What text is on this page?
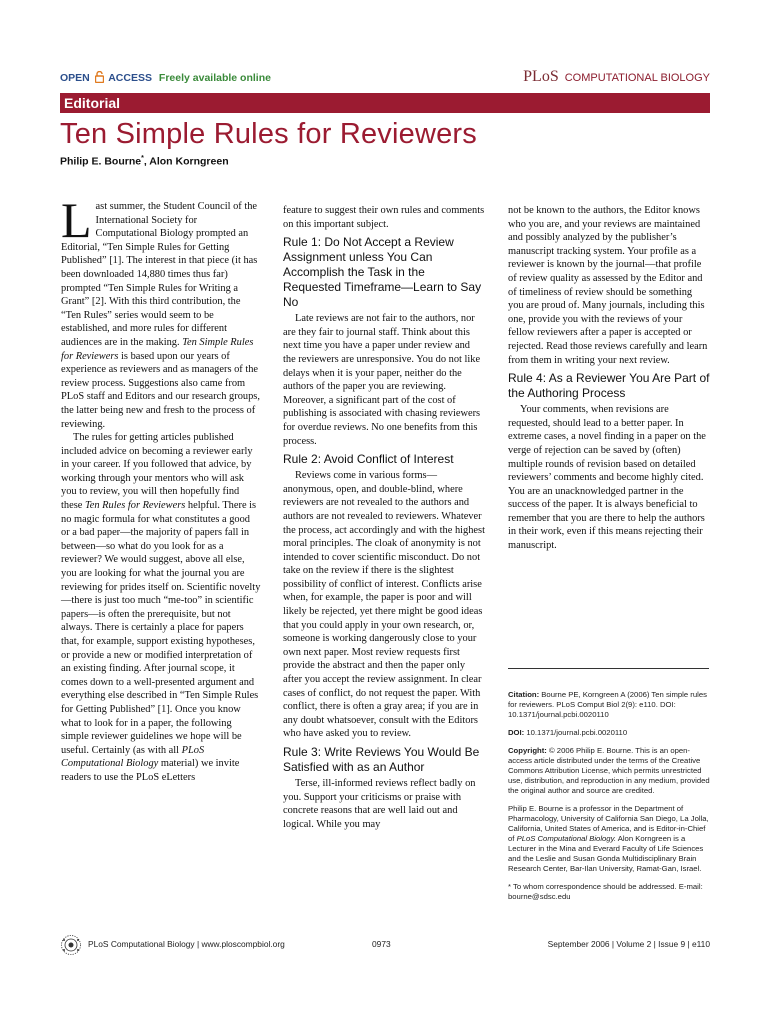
OPEN ACCESS Freely available online	PLoS COMPUTATIONAL BIOLOGY
Editorial
Ten Simple Rules for Reviewers
Philip E. Bourne*, Alon Korngreen

Last summer, the Student Council of the International Society for Computational Biology prompted an Editorial, “Ten Simple Rules for Getting Published” [1]. The interest in that piece (it has been downloaded 14,880 times thus far) prompted “Ten Simple Rules for Writing a Grant” [2]. With this third contribution, the “Ten Rules” series would seem to be established, and more rules for different audiences are in the making. Ten Simple Rules for Reviewers is based upon our years of experience as reviewers and as managers of the review process. Suggestions also came from PLoS staff and Editors and our research groups, the latter being new and fresh to the process of reviewing.

The rules for getting articles published included advice on becoming a reviewer early in your career. If you followed that advice, by working through your mentors who will ask you to review, you will then hopefully find these Ten Rules for Reviewers helpful. There is no magic formula for what constitutes a good or a bad paper—the majority of papers fall in between—so what do you look for as a reviewer? We would suggest, above all else, you are looking for what the journal you are reviewing for prides itself on. Scientific novelty—there is just too much “me-too” in scientific papers—is often the prerequisite, but not always. There is certainly a place for papers that, for example, support existing hypotheses, or provide a new or modified interpretation of an existing finding. After journal scope, it comes down to a well-presented argument and everything else described in “Ten Simple Rules for Getting Published” [1]. Once you know what to look for in a paper, the following simple reviewer guidelines we hope will be useful. Certainly (as with all PLoS Computational Biology material) we invite readers to use the PLoS eLetters

feature to suggest their own rules and comments on this important subject.

Rule 1: Do Not Accept a Review Assignment unless You Can Accomplish the Task in the Requested Timeframe—Learn to Say No

Late reviews are not fair to the authors, nor are they fair to journal staff. Think about this next time you have a paper under review and the reviewers are unresponsive. You do not like delays when it is your paper, neither do the authors of the paper you are reviewing. Moreover, a significant part of the cost of publishing is associated with chasing reviewers for overdue reviews. No one benefits from this process.

Rule 2: Avoid Conflict of Interest

Reviews come in various forms—anonymous, open, and double-blind, where reviewers are not revealed to the authors and authors are not revealed to reviewers. Whatever the process, act accordingly and with the highest moral principles. The cloak of anonymity is not intended to cover scientific misconduct. Do not take on the review if there is the slightest possibility of conflict of interest. Conflicts arise when, for example, the paper is poor and will likely be rejected, yet there might be good ideas that you could apply in your own research, or, someone is working dangerously close to your own next paper. Most review requests first provide the abstract and then the paper only after you accept the review assignment. In clear cases of conflict, do not request the paper. With conflict, there is often a gray area; if you are in any doubt whatsoever, consult with the Editors who have asked you to review.

Rule 3: Write Reviews You Would Be Satisfied with as an Author

Terse, ill-informed reviews reflect badly on you. Support your criticisms or praise with concrete reasons that are well laid out and logical. While you may

not be known to the authors, the Editor knows who you are, and your reviews are maintained and possibly analyzed by the publisher’s manuscript tracking system. Your profile as a reviewer is known by the journal—that profile of review quality as assessed by the Editor and of timeliness of review should be something you are proud of. Many journals, including this one, provide you with the reviews of your fellow reviewers after a paper is accepted or rejected. Read those reviews carefully and learn from them in writing your next review.

Rule 4: As a Reviewer You Are Part of the Authoring Process

Your comments, when revisions are requested, should lead to a better paper. In extreme cases, a novel finding in a paper on the verge of rejection can be saved by (often) multiple rounds of revision based on detailed reviewers’ comments and become highly cited. You are an unacknowledged partner in the success of the paper. It is always beneficial to remember that you are there to help the authors in their work, even if this means rejecting their manuscript.

Citation: Bourne PE, Korngreen A (2006) Ten simple rules for reviewers. PLoS Comput Biol 2(9): e110. DOI: 10.1371/journal.pcbi.0020110

DOI: 10.1371/journal.pcbi.0020110

Copyright: © 2006 Philip E. Bourne. This is an open-access article distributed under the terms of the Creative Commons Attribution License, which permits unrestricted use, distribution, and reproduction in any medium, provided the original author and source are credited.

Philip E. Bourne is a professor in the Department of Pharmacology, University of California San Diego, La Jolla, California, United States of America, and is Editor-in-Chief of PLoS Computational Biology. Alon Korngreen is a Lecturer in the Mina and Everard Faculty of Life Sciences and the Leslie and Susan Gonda Multidisciplinary Brain Research Center, Bar-Ilan University, Ramat-Gan, Israel.

* To whom correspondence should be addressed. E-mail: bourne@sdsc.edu

PLoS Computational Biology | www.ploscompbiol.org	0973	September 2006 | Volume 2 | Issue 9 | e110
